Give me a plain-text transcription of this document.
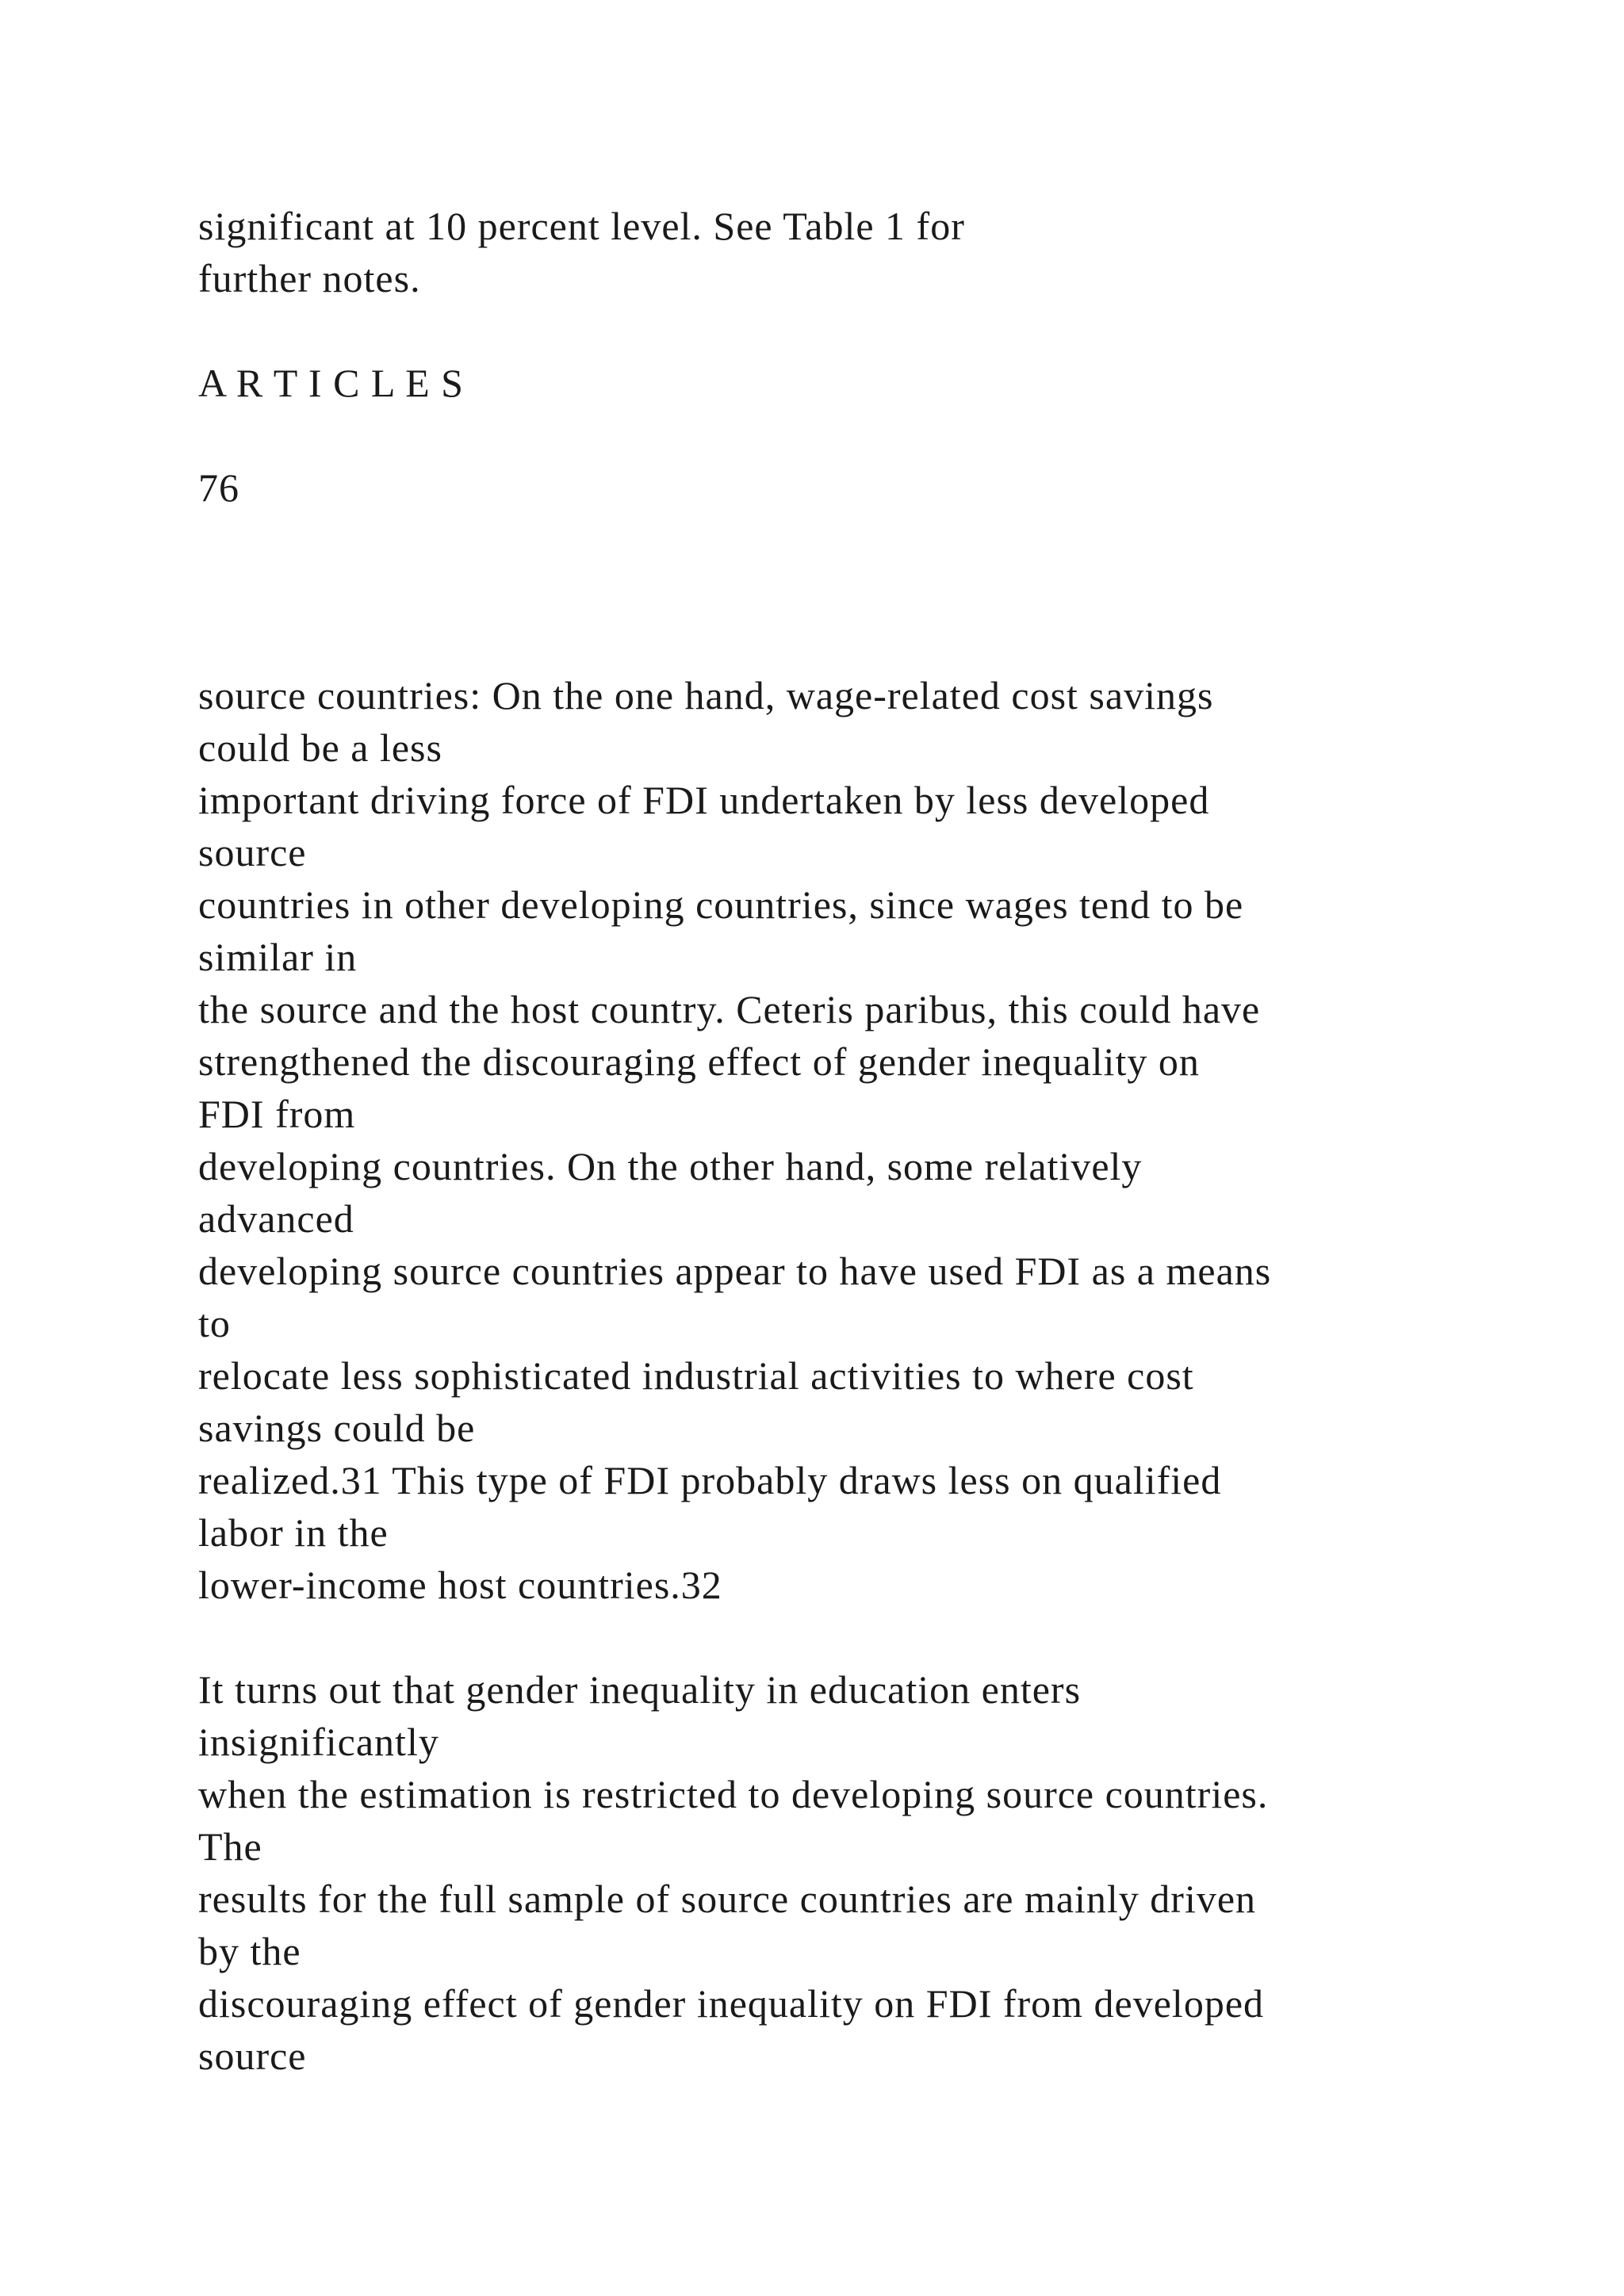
significant at 10 percent level. See Table 1 for
further notes.
A R T I C L E S
76
source countries: On the one hand, wage-related cost savings
could be a less
important driving force of FDI undertaken by less developed
source
countries in other developing countries, since wages tend to be
similar in
the source and the host country. Ceteris paribus, this could have
strengthened the discouraging effect of gender inequality on
FDI from
developing countries. On the other hand, some relatively
advanced
developing source countries appear to have used FDI as a means
to
relocate less sophisticated industrial activities to where cost
savings could be
realized.31 This type of FDI probably draws less on qualified
labor in the
lower-income host countries.32
It turns out that gender inequality in education enters
insignificantly
when the estimation is restricted to developing source countries.
The
results for the full sample of source countries are mainly driven
by the
discouraging effect of gender inequality on FDI from developed
source
